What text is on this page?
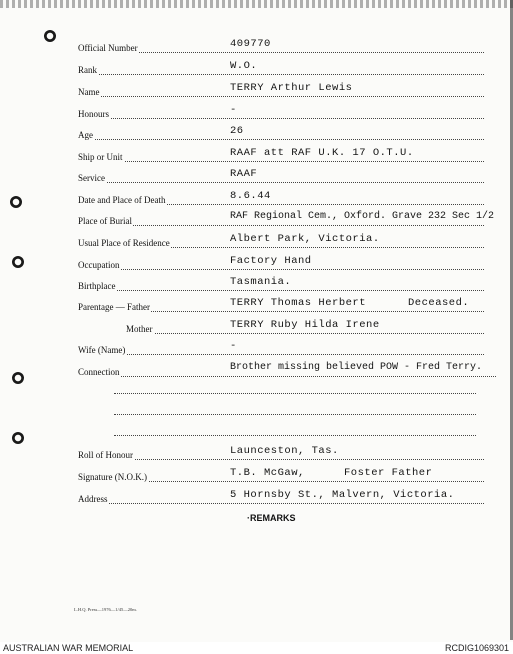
Official Number	409770
Rank	W.O.
Name	TERRY Arthur Lewis
Honours	-
Age	26
Ship or Unit	RAAF att RAF U.K. 17 O.T.U.
Service	RAAF
Date and Place of Death	8.6.44
Place of Burial	RAF Regional Cem., Oxford. Grave 232 Sec 1/2
Usual Place of Residence	Albert Park, Victoria.
Occupation	Factory Hand
Birthplace	Tasmania.
Parentage — Father	TERRY Thomas Herbert	Deceased.
Mother	TERRY Ruby Hilda Irene
Wife (Name)	-
Connection	Brother missing believed POW - Fred Terry.
Roll of Honour	Launceston, Tas.
Signature (N.O.K.)	T.B. McGaw,	Foster Father
Address	5 Hornsby St., Malvern, Victoria.
·REMARKS
L.H.Q. Press—1976—1/45—20m.
AUSTRALIAN WAR MEMORIAL	RCDIG1069301
